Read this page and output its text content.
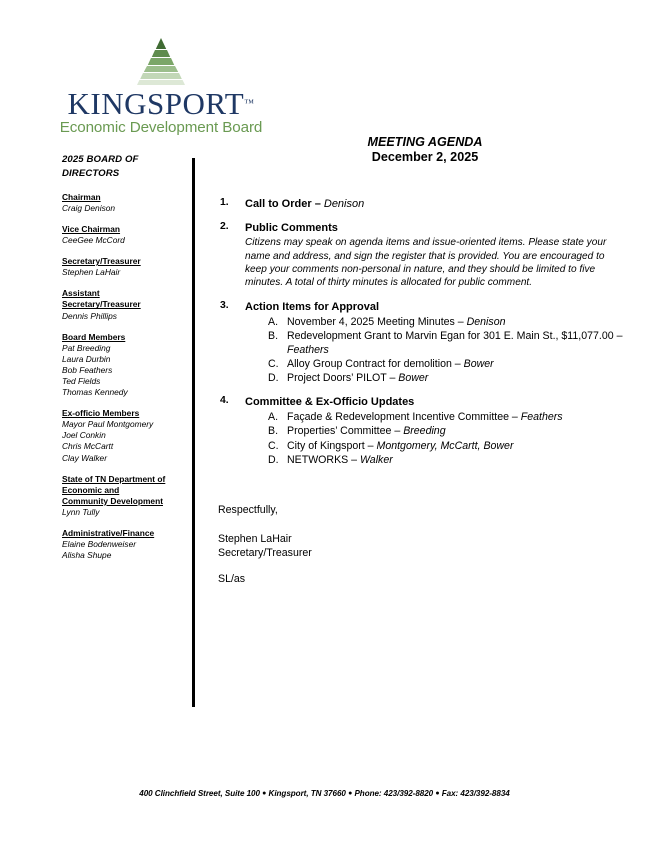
KINGSPORT™
Economic Development Board
2025 BOARD OF
DIRECTORS
Chairman
Craig Denison
Vice Chairman
CeeGee McCord
Secretary/Treasurer
Stephen LaHair
Assistant
Secretary/Treasurer
Dennis Phillips
Board Members
Pat Breeding
Laura Durbin
Bob Feathers
Ted Fields
Thomas Kennedy
Ex-officio Members
Mayor Paul Montgomery
Joel Conkin
Chris McCartt
Clay Walker
State of TN Department of
Economic and
Community Development
Lynn Tully
Administrative/Finance
Elaine Bodenweiser
Alisha Shupe
MEETING AGENDA
December 2, 2025
1.	Call to Order – Denison
2.	Public Comments
Citizens may speak on agenda items and issue-oriented items. Please state your name and address, and sign the register that is provided. You are encouraged to keep your comments non-personal in nature, and they should be limited to five minutes. A total of thirty minutes is allocated for public comment.
3.	Action Items for Approval
A. November 4, 2025 Meeting Minutes – Denison
B. Redevelopment Grant to Marvin Egan for 301 E. Main St., $11,077.00 – Feathers
C. Alloy Group Contract for demolition – Bower
D. Project Doors’ PILOT – Bower
4.	Committee & Ex-Officio Updates
A. Façade & Redevelopment Incentive Committee – Feathers
B. Properties’ Committee – Breeding
C. City of Kingsport – Montgomery, McCartt, Bower
D. NETWORKS – Walker
Respectfully,
Stephen LaHair
Secretary/Treasurer
SL/as
400 Clinchfield Street, Suite 100 ● Kingsport, TN 37660 ● Phone: 423/392-8820 ● Fax: 423/392-8834
